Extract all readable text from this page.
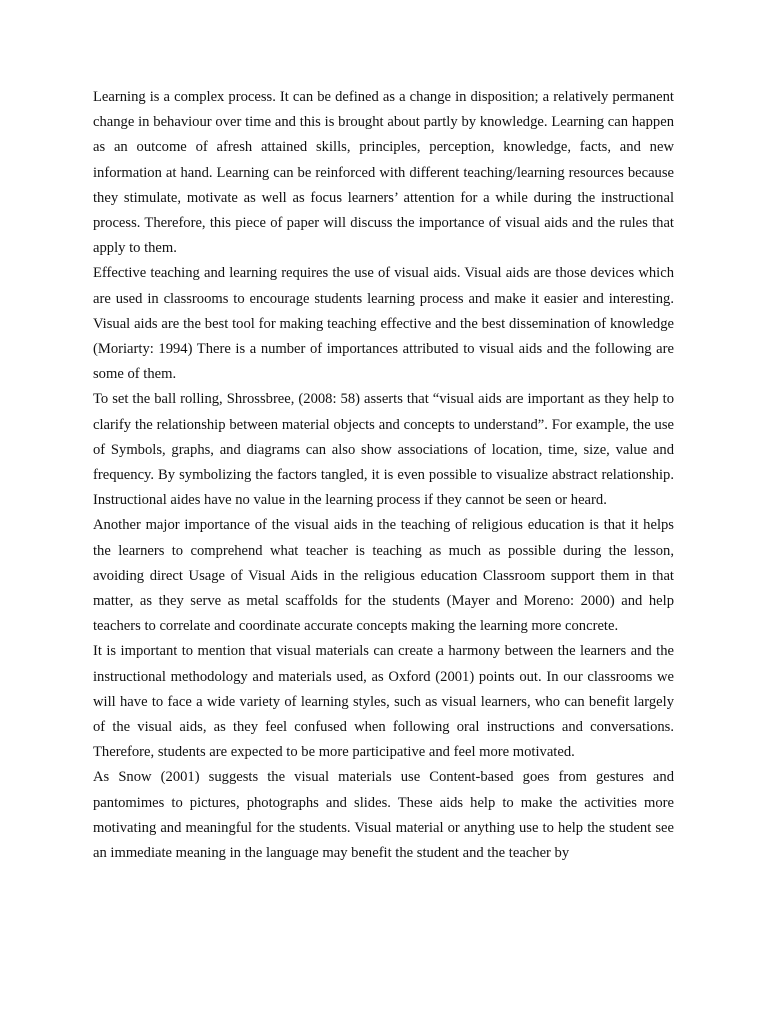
Learning is a complex process. It can be defined as a change in disposition; a relatively permanent change in behaviour over time and this is brought about partly by knowledge. Learning can happen as an outcome of afresh attained skills, principles, perception, knowledge, facts, and new information at hand. Learning can be reinforced with different teaching/learning resources because they stimulate, motivate as well as focus learners’ attention for a while during the instructional process. Therefore, this piece of paper will discuss the importance of visual aids and the rules that apply to them.

Effective teaching and learning requires the use of visual aids. Visual aids are those devices which are used in classrooms to encourage students learning process and make it easier and interesting. Visual aids are the best tool for making teaching effective and the best dissemination of knowledge (Moriarty: 1994) There is a number of importances attributed to visual aids and the following are some of them.

To set the ball rolling, Shrossbree, (2008: 58) asserts that “visual aids are important as they help to clarify the relationship between material objects and concepts to understand”. For example, the use of Symbols, graphs, and diagrams can also show associations of location, time, size, value and frequency. By symbolizing the factors tangled, it is even possible to visualize abstract relationship. Instructional aides have no value in the learning process if they cannot be seen or heard.

Another major importance of the visual aids in the teaching of religious education is that it helps the learners to comprehend what teacher is teaching as much as possible during the lesson, avoiding direct Usage of Visual Aids in the religious education Classroom support them in that matter, as they serve as metal scaffolds for the students (Mayer and Moreno: 2000) and help teachers to correlate and coordinate accurate concepts making the learning more concrete.

It is important to mention that visual materials can create a harmony between the learners and the instructional methodology and materials used, as Oxford (2001) points out. In our classrooms we will have to face a wide variety of learning styles, such as visual learners, who can benefit largely of the visual aids, as they feel confused when following oral instructions and conversations. Therefore, students are expected to be more participative and feel more motivated.

As Snow (2001) suggests the visual materials use Content-based goes from gestures and pantomimes to pictures, photographs and slides. These aids help to make the activities more motivating and meaningful for the students. Visual material or anything use to help the student see an immediate meaning in the language may benefit the student and the teacher by
